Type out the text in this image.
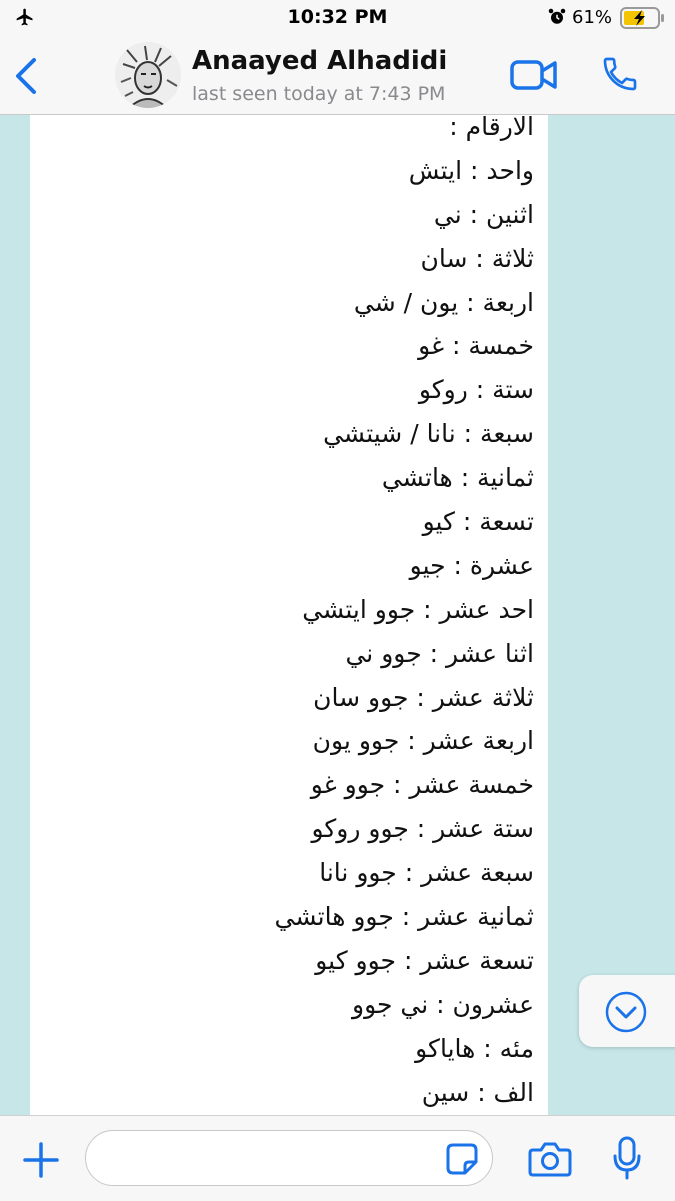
10:32 PM	61%
Anaayed Alhadidi
last seen today at 7:43 PM
الارقام :
واحد : ايتش
اثنين : ني
ثلاثة : سان
اربعة : يون / شي
خمسة : غو
ستة : روكو
سبعة : نانا / شيتشي
ثمانية : هاتشي
تسعة : كيو
عشرة : جيو
احد عشر : جوو ايتشي
اثنا عشر : جوو ني
ثلاثة عشر : جوو سان
اربعة عشر : جوو يون
خمسة عشر : جوو غو
ستة عشر : جوو روكو
سبعة عشر : جوو نانا
ثمانية عشر : جوو هاتشي
تسعة عشر : جوو كيو
عشرون : ني جوو
مئه : هاياكو
الف : سين
